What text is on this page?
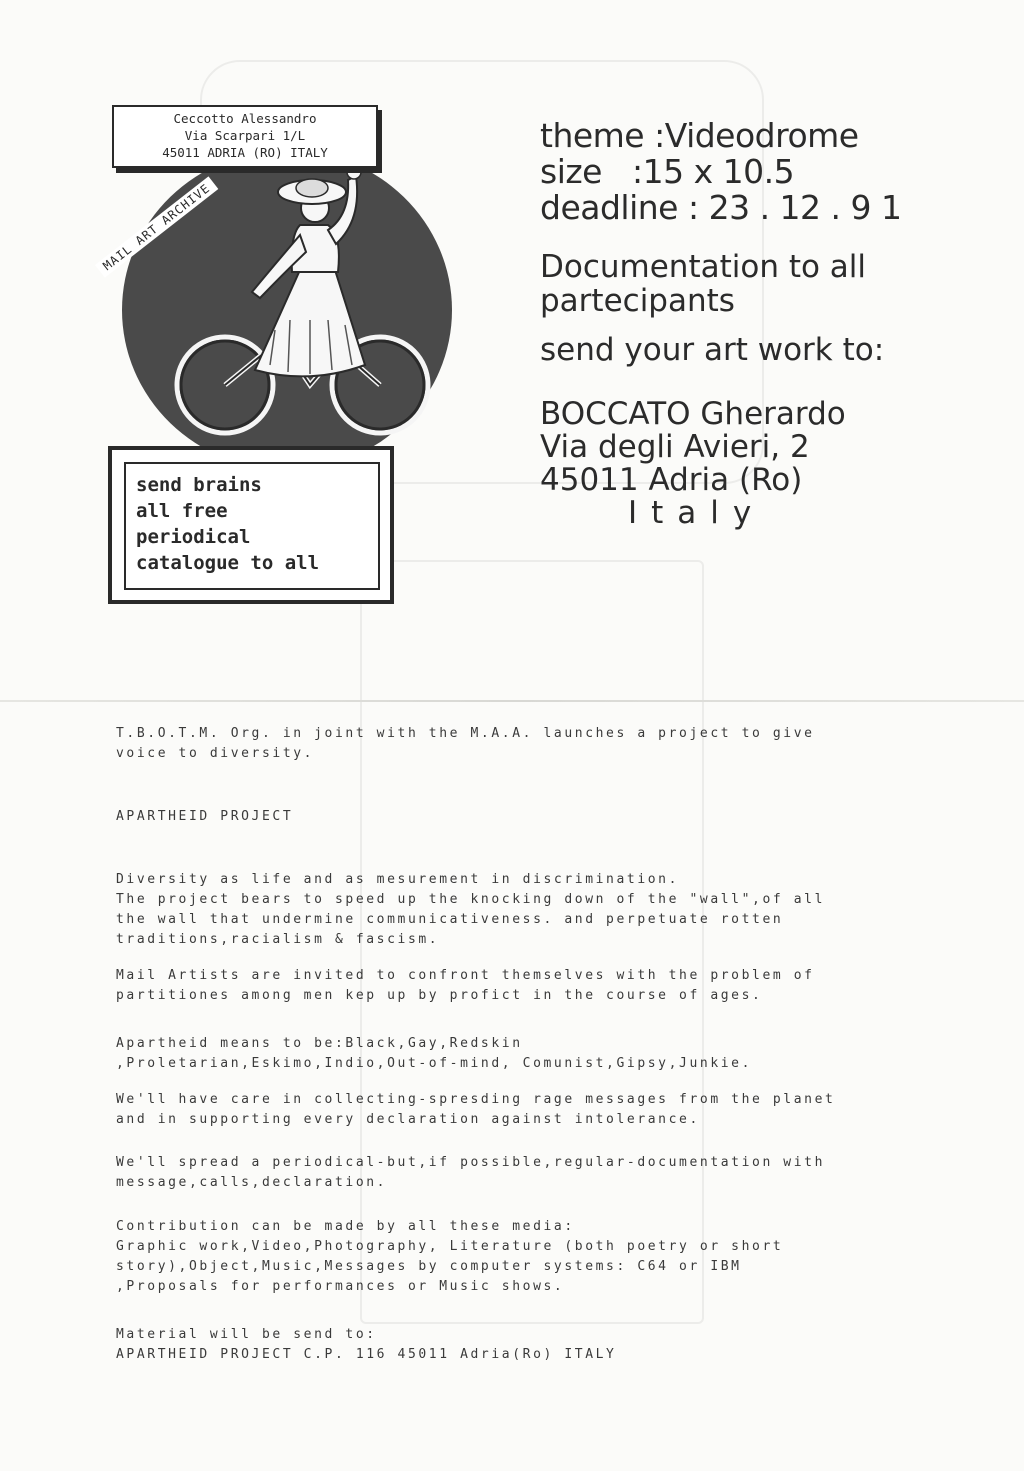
Ceccotto Alessandro
Via Scarpari 1/L
45011 ADRIA (RO) ITALY
MAIL ART ARCHIVE
send brains
all free
periodical
catalogue to all
theme :Videodrome
size :15 x 10.5
deadline : 23 . 12 . 9 1
Documentation to all
partecipants
send your art work to:
BOCCATO Gherardo
Via degli Avieri, 2
45011 Adria (Ro)
Italy
T.B.O.T.M. Org. in joint with the M.A.A. launches a project to give
voice to diversity.
APARTHEID PROJECT
Diversity as life and as mesurement in discrimination.
The project bears to speed up the knocking down of the "wall",of all
the wall that undermine communicativeness. and perpetuate rotten
traditions,racialism & fascism.
Mail Artists are invited to confront themselves with the problem of
partitiones among men kep up by profict in the course of ages.
Apartheid means to be:Black,Gay,Redskin
,Proletarian,Eskimo,Indio,Out-of-mind, Comunist,Gipsy,Junkie.
We'll have care in collecting-spresding rage messages from the planet
and in supporting every declaration against intolerance.
We'll spread a periodical-but,if possible,regular-documentation with
message,calls,declaration.
Contribution can be made by all these media:
Graphic work,Video,Photography, Literature (both poetry or short
story),Object,Music,Messages by computer systems: C64 or IBM
,Proposals for performances or Music shows.
Material will be send to:
APARTHEID PROJECT C.P. 116 45011 Adria(Ro) ITALY
